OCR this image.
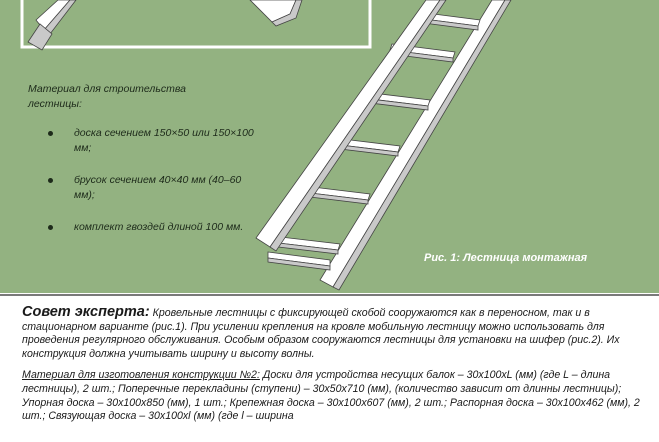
Материал для строительства лестницы:

доска сечением 150×50 или 150×100 мм;
брусок сечением 40×40 мм (40–60 мм);
комплект гвоздей длиной 100 мм.
Рис. 1: Лестница монтажная

Совет эксперта: Кровельные лестницы с фиксирующей скобой сооружаются как в переносном, так и в стационарном варианте (рис.1). При усилении крепления на кровле мобильную лестницу можно использовать для проведения регулярного обслуживания. Особым образом сооружаются лестницы для установки на шифер (рис.2). Их конструкция должна учитывать ширину и высоту волны.

Материал для изготовления конструкции №2: Доски для устройства несущих балок – 30х100хL (мм) (где L – длина лестницы), 2 шт.; Поперечные перекладины (ступени) – 30х50х710 (мм), (количество зависит от длинны лестницы); Упорная доска – 30х100х850 (мм), 1 шт.; Крепежная доска – 30х100х607 (мм), 2 шт.; Распорная доска – 30х100х462 (мм), 2 шт.; Связующая доска – 30х100хl (мм) (где l – ширина
